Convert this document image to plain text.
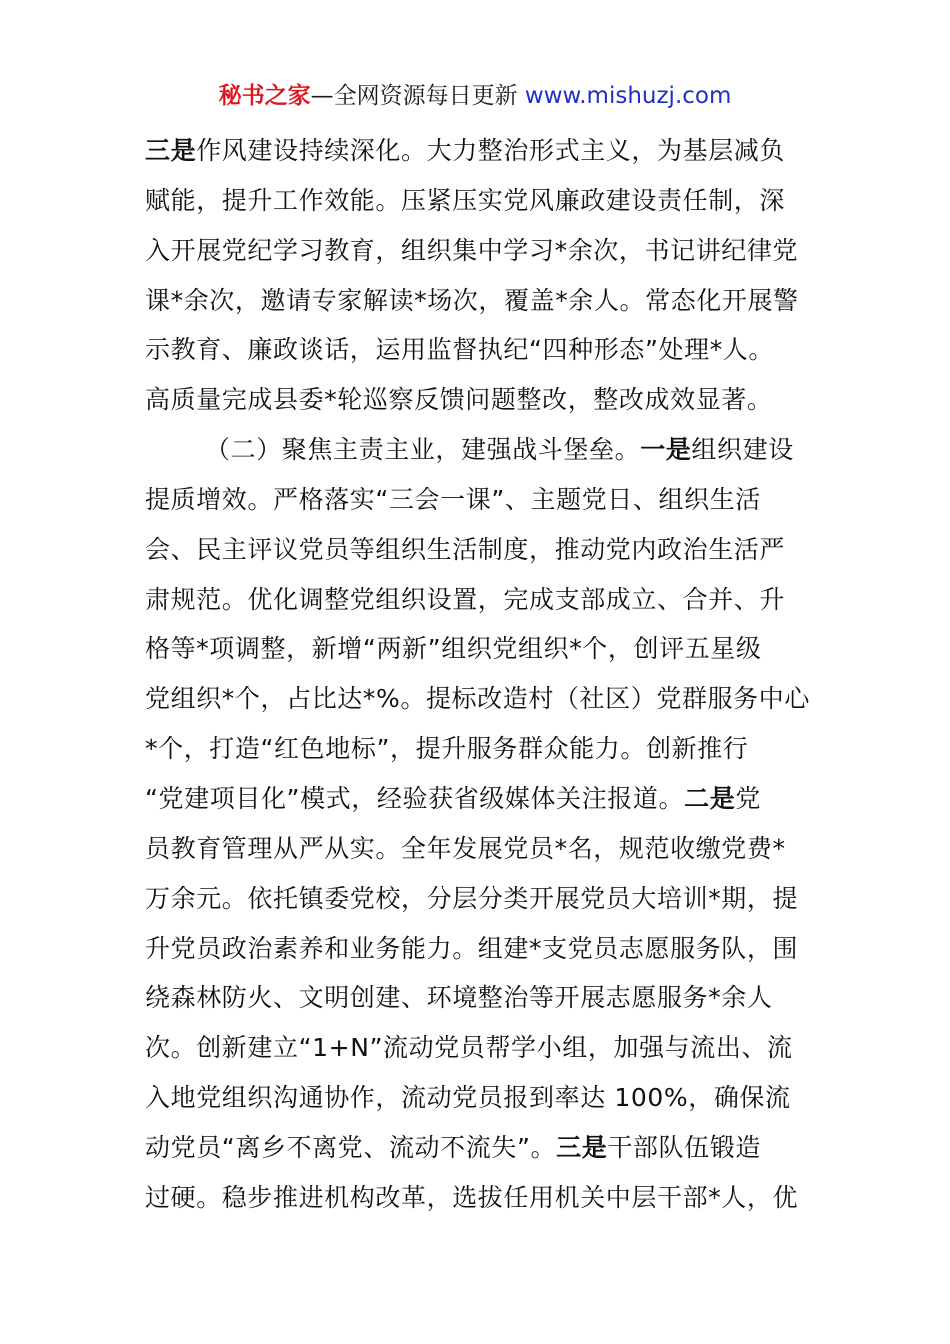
秘书之家—全网资源每日更新 www.mishuzj.com
三是作风建设持续深化。大力整治形式主义，为基层减负
赋能，提升工作效能。压紧压实党风廉政建设责任制，深
入开展党纪学习教育，组织集中学习*余次，书记讲纪律党
课*余次，邀请专家解读*场次，覆盖*余人。常态化开展警
示教育、廉政谈话，运用监督执纪“四种形态”处理*人。
高质量完成县委*轮巡察反馈问题整改，整改成效显著。
（二）聚焦主责主业，建强战斗堡垒。一是组织建设
提质增效。严格落实“三会一课”、主题党日、组织生活
会、民主评议党员等组织生活制度，推动党内政治生活严
肃规范。优化调整党组织设置，完成支部成立、合并、升
格等*项调整，新增“两新”组织党组织*个，创评五星级
党组织*个，占比达*%。提标改造村（社区）党群服务中心
*个，打造“红色地标”，提升服务群众能力。创新推行
“党建项目化”模式，经验获省级媒体关注报道。二是党
员教育管理从严从实。全年发展党员*名，规范收缴党费*
万余元。依托镇委党校，分层分类开展党员大培训*期，提
升党员政治素养和业务能力。组建*支党员志愿服务队，围
绕森林防火、文明创建、环境整治等开展志愿服务*余人
次。创新建立“1+N”流动党员帮学小组，加强与流出、流
入地党组织沟通协作，流动党员报到率达 100%，确保流
动党员“离乡不离党、流动不流失”。三是干部队伍锻造
过硬。稳步推进机构改革，选拔任用机关中层干部*人，优
